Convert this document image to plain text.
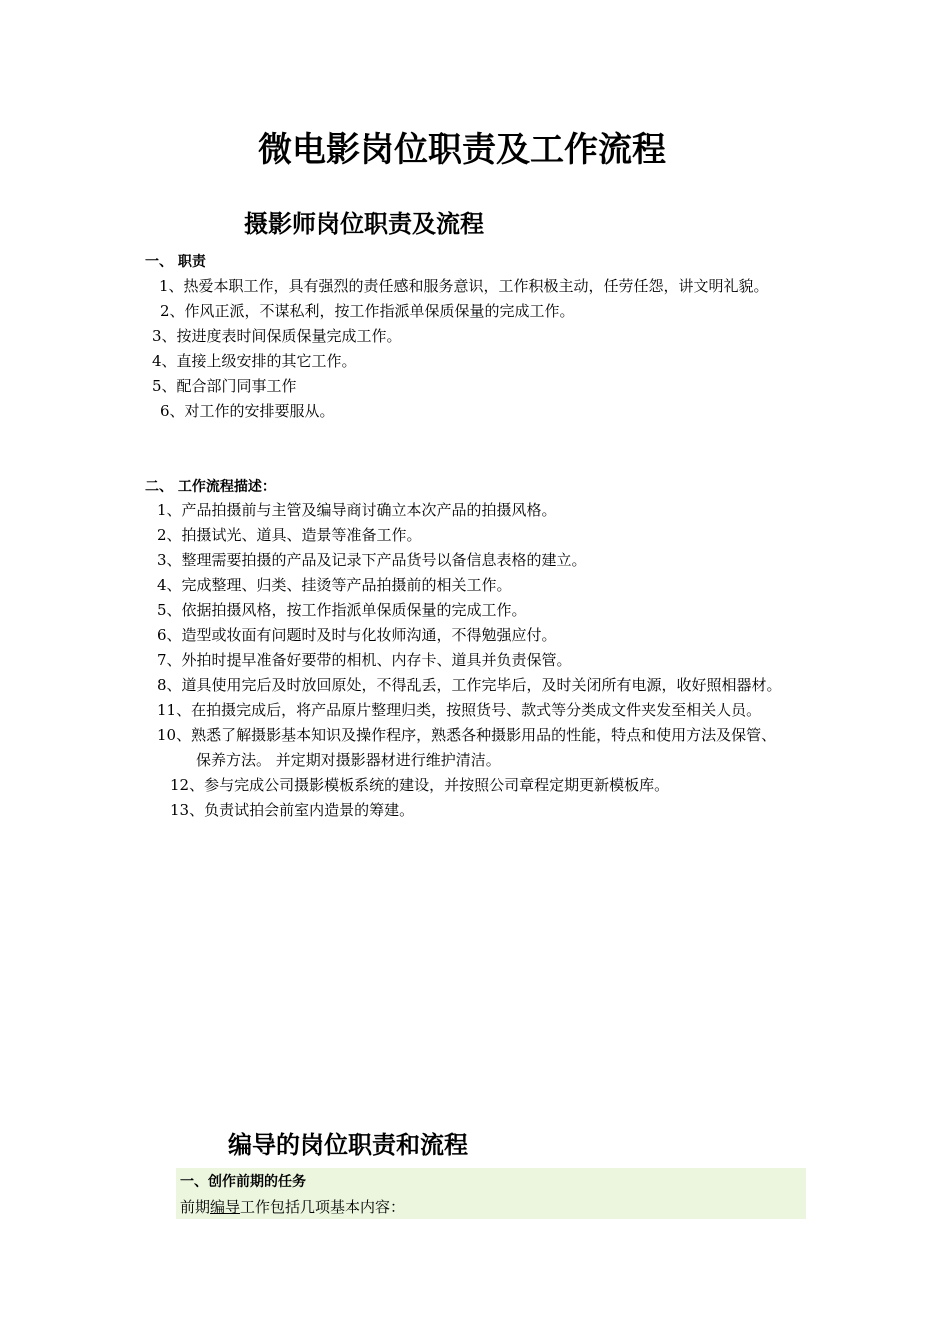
微电影岗位职责及工作流程
摄影师岗位职责及流程
一、 职责
1、热爱本职工作，具有强烈的责任感和服务意识，工作积极主动，任劳任怨，讲文明礼貌。
2、作风正派，不谋私利，按工作指派单保质保量的完成工作。
3、按进度表时间保质保量完成工作。
4、直接上级安排的其它工作。
5、配合部门同事工作
6、对工作的安排要服从。
二、 工作流程描述：
1、产品拍摄前与主管及编导商讨确立本次产品的拍摄风格。
2、拍摄试光、道具、造景等准备工作。
3、整理需要拍摄的产品及记录下产品货号以备信息表格的建立。
4、完成整理、归类、挂烫等产品拍摄前的相关工作。
5、依据拍摄风格，按工作指派单保质保量的完成工作。
6、造型或妆面有问题时及时与化妆师沟通，不得勉强应付。
7、外拍时提早准备好要带的相机、内存卡、道具并负责保管。
8、道具使用完后及时放回原处，不得乱丢，工作完毕后，及时关闭所有电源，收好照相器材。
11、在拍摄完成后，将产品原片整理归类，按照货号、款式等分类成文件夹发至相关人员。
10、熟悉了解摄影基本知识及操作程序，熟悉各种摄影用品的性能，特点和使用方法及保管、
保养方法。 并定期对摄影器材进行维护清洁。
12、参与完成公司摄影模板系统的建设，并按照公司章程定期更新模板库。
13、负责试拍会前室内造景的筹建。
编导的岗位职责和流程
一、创作前期的任务
前期编导工作包括几项基本内容：
